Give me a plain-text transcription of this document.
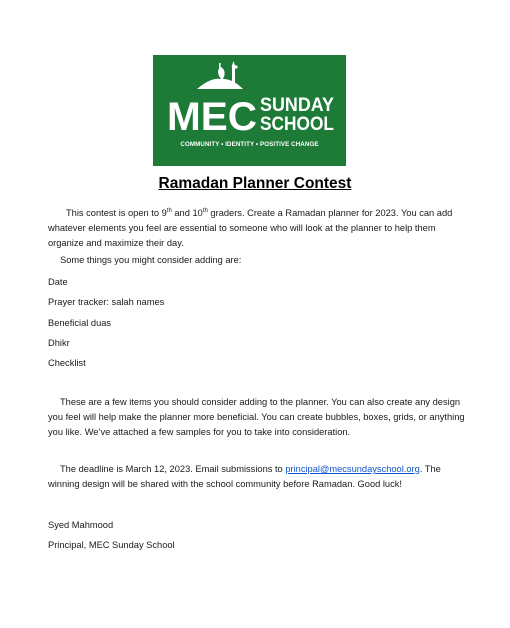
MEC SUNDAY
SCHOOL
COMMUNITY • IDENTITY • POSITIVE CHANGE
Ramadan Planner Contest
This contest is open to 9th and 10th graders. Create a Ramadan planner for 2023. You can add whatever elements you feel are essential to someone who will look at the planner to help them organize and maximize their day.
Some things you might consider adding are:
Date
Prayer tracker: salah names
Beneficial duas
Dhikr
Checklist
These are a few items you should consider adding to the planner. You can also create any design you feel will help make the planner more beneficial. You can create bubbles, boxes, grids, or anything you like. We’ve attached a few samples for you to take into consideration.
The deadline is March 12, 2023. Email submissions to principal@mecsundayschool.org. The winning design will be shared with the school community before Ramadan. Good luck!
Syed Mahmood
Principal, MEC Sunday School
